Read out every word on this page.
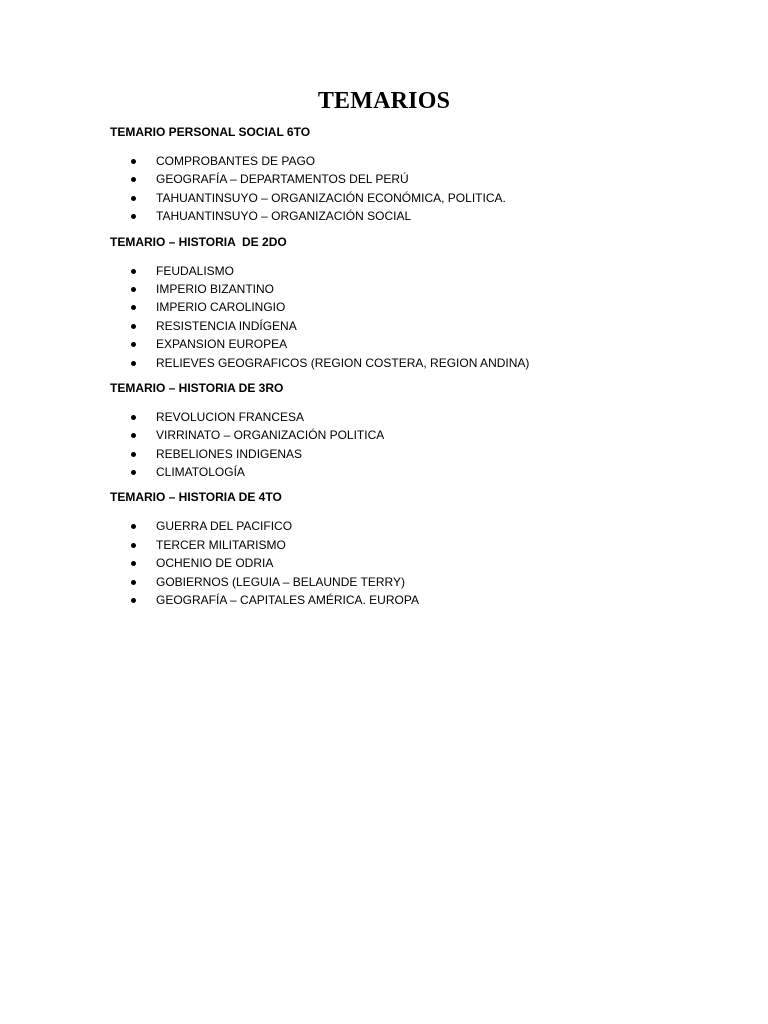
TEMARIOS

TEMARIO PERSONAL SOCIAL 6TO

COMPROBANTES DE PAGO
GEOGRAFÍA – DEPARTAMENTOS DEL PERÚ
TAHUANTINSUYO – ORGANIZACIÓN ECONÓMICA, POLITICA.
TAHUANTINSUYO – ORGANIZACIÓN SOCIAL

TEMARIO – HISTORIA  DE 2DO

FEUDALISMO
IMPERIO BIZANTINO
IMPERIO CAROLINGIO
RESISTENCIA INDÍGENA
EXPANSION EUROPEA
RELIEVES GEOGRAFICOS (REGION COSTERA, REGION ANDINA)

TEMARIO – HISTORIA DE 3RO

REVOLUCION FRANCESA
VIRRINATO – ORGANIZACIÓN POLITICA
REBELIONES INDIGENAS
CLIMATOLOGÍA

TEMARIO – HISTORIA DE 4TO

GUERRA DEL PACIFICO
TERCER MILITARISMO
OCHENIO DE ODRIA
GOBIERNOS (LEGUIA – BELAUNDE TERRY)
GEOGRAFÍA – CAPITALES AMÉRICA. EUROPA
